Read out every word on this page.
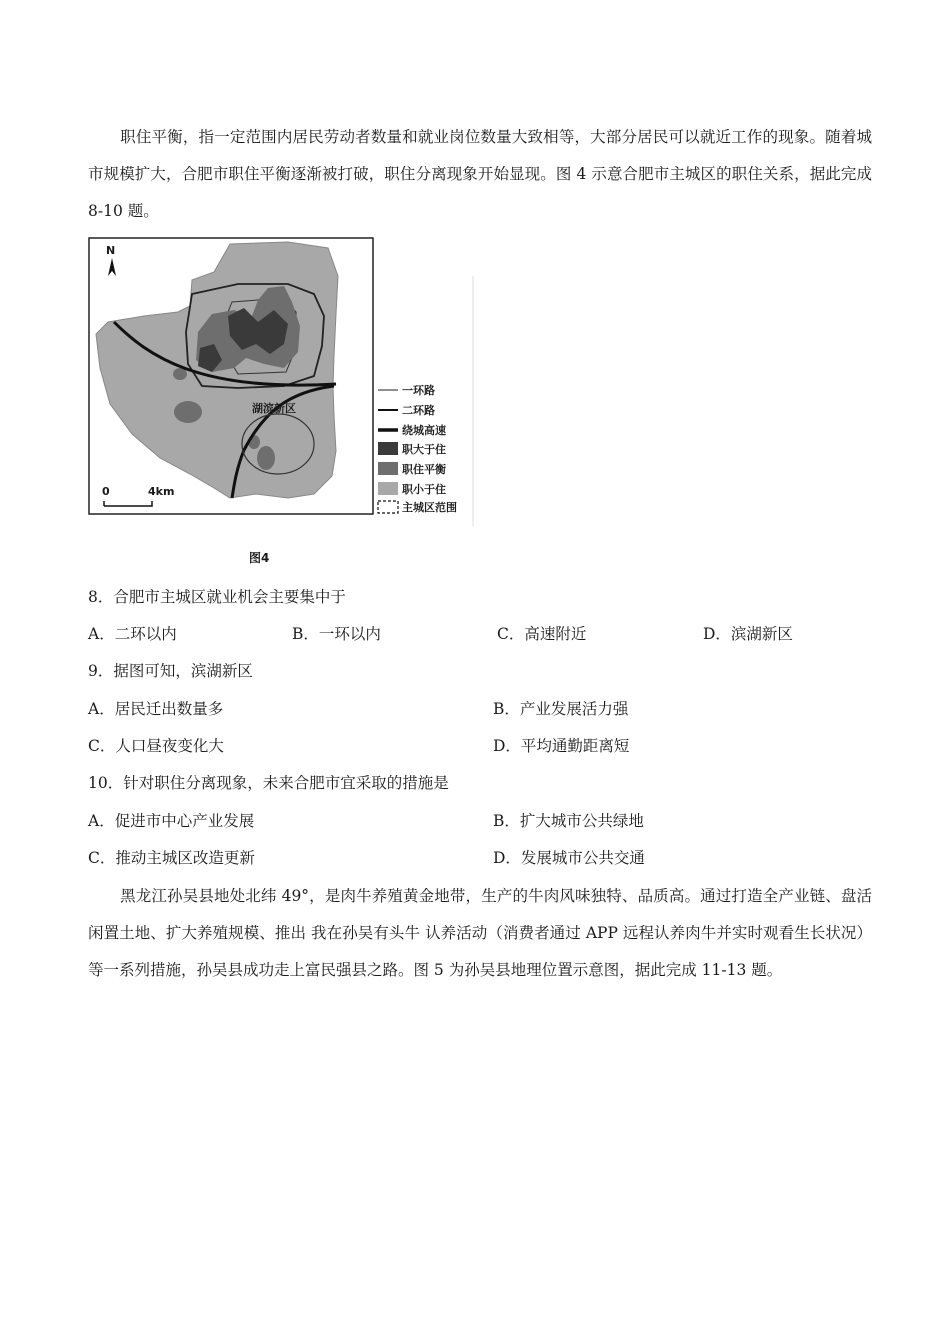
职住平衡，指一定范围内居民劳动者数量和就业岗位数量大致相等，大部分居民可以就近工作的现象。随着城市规模扩大，合肥市职住平衡逐渐被打破，职住分离现象开始显现。图 4 示意合肥市主城区的职住关系，据此完成 8-10 题。

湖滨新区
N
0	4km
一环路
二环路
绕城高速
职大于住
职住平衡
职小于住
主城区范围
图4
8．合肥市主城区就业机会主要集中于
A．二环以内	B．一环以内	C．高速附近	D．滨湖新区
9．据图可知，滨湖新区
A．居民迁出数量多	B．产业发展活力强
C．人口昼夜变化大	D．平均通勤距离短
10．针对职住分离现象，未来合肥市宜采取的措施是
A．促进市中心产业发展	B．扩大城市公共绿地
C．推动主城区改造更新	D．发展城市公共交通

黑龙江孙吴县地处北纬 49°，是肉牛养殖黄金地带，生产的牛肉风味独特、品质高。通过打造全产业链、盘活闲置土地、扩大养殖规模、推出 我在孙吴有头牛 认养活动（消费者通过 APP 远程认养肉牛并实时观看生长状况）等一系列措施，孙吴县成功走上富民强县之路。图 5 为孙吴县地理位置示意图，据此完成 11-13 题。
